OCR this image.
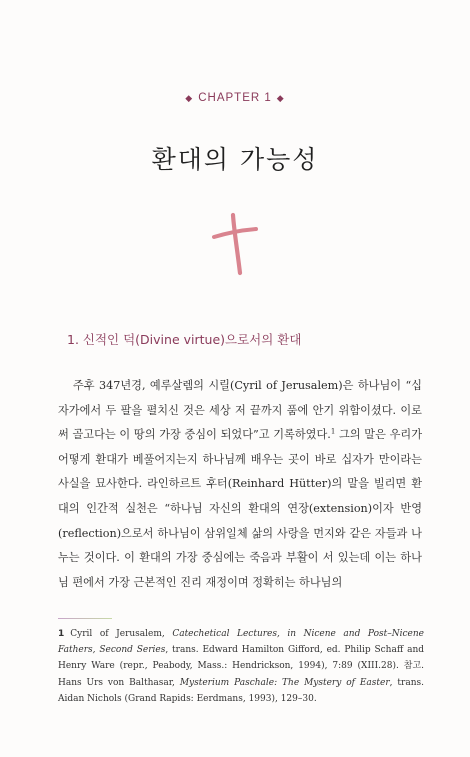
◆ CHAPTER 1 ◆
환대의 가능성
1. 신적인 덕(Divine virtue)으로서의 환대

주후 347년경, 예루살렘의 시릴(Cyril of Jerusalem)은 하나님이 “십자가에서 두 팔을 펼치신 것은 세상 저 끝까지 품에 안기 위함이셨다. 이로써 골고다는 이 땅의 가장 중심이 되었다”고 기록하였다.$^1$ 그의 말은 우리가 어떻게 환대가 베풀어지는지 하나님께 배우는 곳이 바로 십자가 만이라는 사실을 묘사한다. 라인하르트 후터(Reinhard Hütter)의 말을 빌리면 환대의 인간적 실천은 “하나님 자신의 환대의 연장(extension)이자 반영(reflection)으로서 하나님이 삼위일체 삶의 사랑을 먼지와 같은 자들과 나누는 것이다. 이 환대의 가장 중심에는 죽음과 부활이 서 있는데 이는 하나님 편에서 가장 근본적인 진리 재정이며 정확히는 하나님의

1 Cyril of Jerusalem, Catechetical Lectures, in Nicene and Post–Nicene Fathers, Second Series, trans. Edward Hamilton Gifford, ed. Philip Schaff and Henry Ware (repr., Peabody, Mass.: Hendrickson, 1994), 7:89 (XIII.28). 참고. Hans Urs von Balthasar, Mysterium Paschale: The Mystery of Easter, trans. Aidan Nichols (Grand Rapids: Eerdmans, 1993), 129–30.
